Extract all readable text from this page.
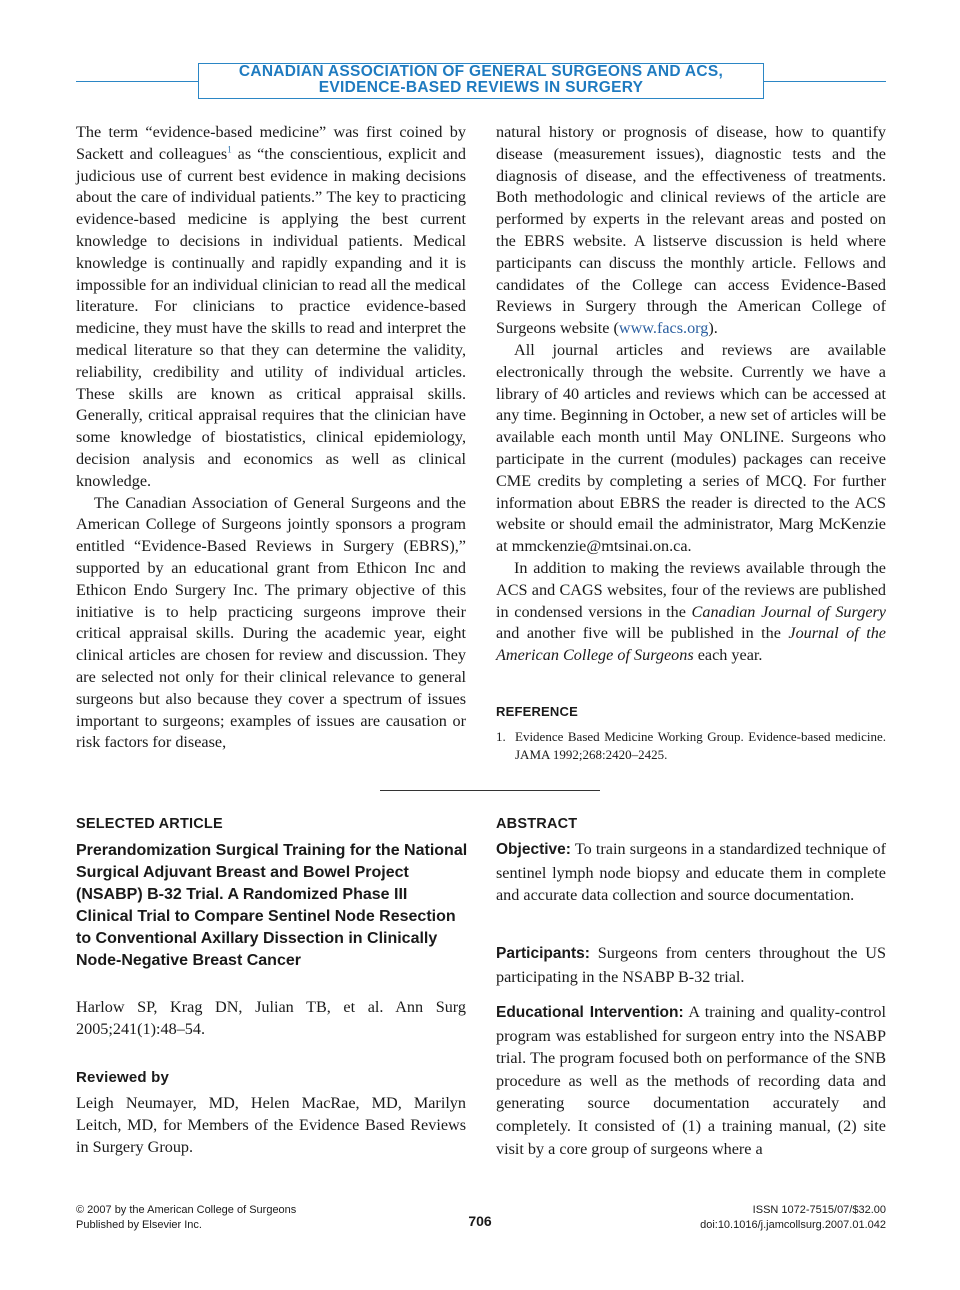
CANADIAN ASSOCIATION OF GENERAL SURGEONS AND ACS,
EVIDENCE-BASED REVIEWS IN SURGERY

The term “evidence-based medicine” was first coined by Sackett and colleagues$^1$ as “the conscientious, explicit and judicious use of current best evidence in making decisions about the care of individual patients.” The key to practicing evidence-based medicine is applying the best current knowledge to decisions in individual patients. Medical knowledge is continually and rapidly expanding and it is impossible for an individual clinician to read all the medical literature. For clinicians to practice evidence-based medicine, they must have the skills to read and interpret the medical literature so that they can determine the validity, reliability, credibility and utility of individual articles. These skills are known as critical appraisal skills. Generally, critical appraisal requires that the clinician have some knowledge of biostatistics, clinical epidemiology, decision analysis and economics as well as clinical knowledge.

The Canadian Association of General Surgeons and the American College of Surgeons jointly sponsors a program entitled “Evidence-Based Reviews in Surgery (EBRS),” supported by an educational grant from Ethicon Inc and Ethicon Endo Surgery Inc. The primary objective of this initiative is to help practicing surgeons improve their critical appraisal skills. During the academic year, eight clinical articles are chosen for review and discussion. They are selected not only for their clinical relevance to general surgeons but also because they cover a spectrum of issues important to surgeons; examples of issues are causation or risk factors for disease,

natural history or prognosis of disease, how to quantify disease (measurement issues), diagnostic tests and the diagnosis of disease, and the effectiveness of treatments. Both methodologic and clinical reviews of the article are performed by experts in the relevant areas and posted on the EBRS website. A listserve discussion is held where participants can discuss the monthly article. Fellows and candidates of the College can access Evidence-Based Reviews in Surgery through the American College of Surgeons website (www.facs.org).

All journal articles and reviews are available electronically through the website. Currently we have a library of 40 articles and reviews which can be accessed at any time. Beginning in October, a new set of articles will be available each month until May ONLINE. Surgeons who participate in the current (modules) packages can receive CME credits by completing a series of MCQ. For further information about EBRS the reader is directed to the ACS website or should email the administrator, Marg McKenzie at mmckenzie@mtsinai.on.ca.

In addition to making the reviews available through the ACS and CAGS websites, four of the reviews are published in condensed versions in the Canadian Journal of Surgery and another five will be published in the Journal of the American College of Surgeons each year.

REFERENCE
1. Evidence Based Medicine Working Group. Evidence-based medicine. JAMA 1992;268:2420–2425.
SELECTED ARTICLE
Prerandomization Surgical Training for the National Surgical Adjuvant Breast and Bowel Project (NSABP) B-32 Trial. A Randomized Phase III Clinical Trial to Compare Sentinel Node Resection to Conventional Axillary Dissection in Clinically Node-Negative Breast Cancer
Harlow SP, Krag DN, Julian TB, et al. Ann Surg 2005;241(1):48–54.
Reviewed by
Leigh Neumayer, MD, Helen MacRae, MD, Marilyn Leitch, MD, for Members of the Evidence Based Reviews in Surgery Group.
ABSTRACT
Objective: To train surgeons in a standardized technique of sentinel lymph node biopsy and educate them in complete and accurate data collection and source documentation.
Participants: Surgeons from centers throughout the US participating in the NSABP B-32 trial.
Educational Intervention: A training and quality-control program was established for surgeon entry into the NSABP trial. The program focused both on performance of the SNB procedure as well as the methods of recording data and generating source documentation accurately and completely. It consisted of (1) a training manual, (2) site visit by a core group of surgeons where a
© 2007 by the American College of Surgeons
Published by Elsevier Inc.	706
ISSN 1072-7515/07/$32.00
doi:10.1016/j.jamcollsurg.2007.01.042
